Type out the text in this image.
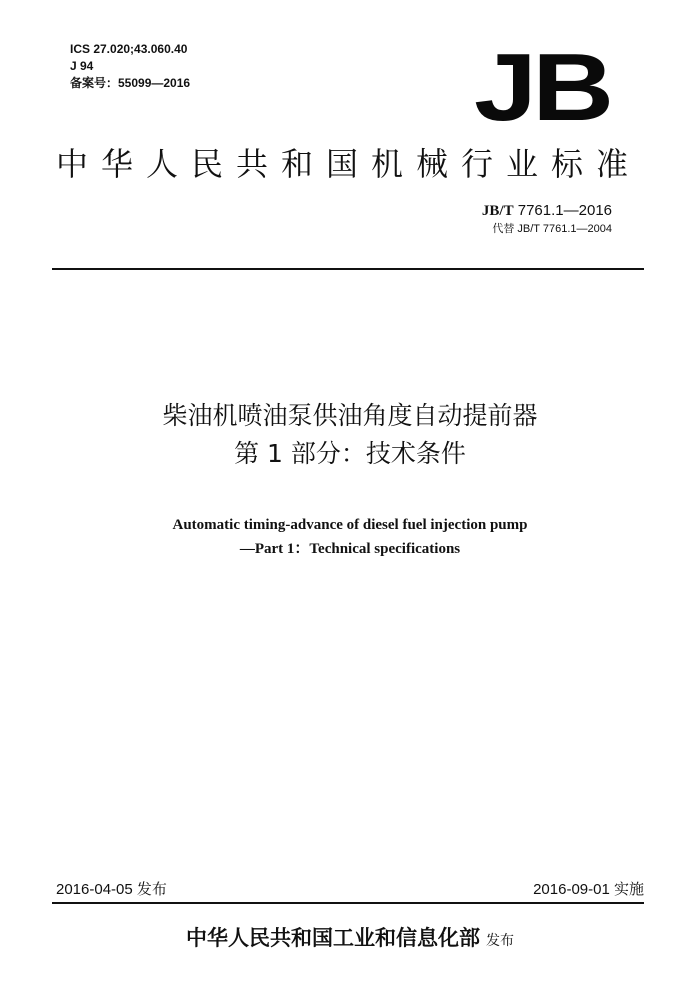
ICS 27.020;43.060.40
J 94
备案号：55099—2016	JB
中华人民共和国机械行业标准
JB/T 7761.1—2016
代替 JB/T 7761.1—2004
柴油机喷油泵供油角度自动提前器
第 1 部分：技术条件
Automatic timing-advance of diesel fuel injection pump
—Part 1：Technical specifications
2016-04-05 发布	2016-09-01 实施
中华人民共和国工业和信息化部 发布
